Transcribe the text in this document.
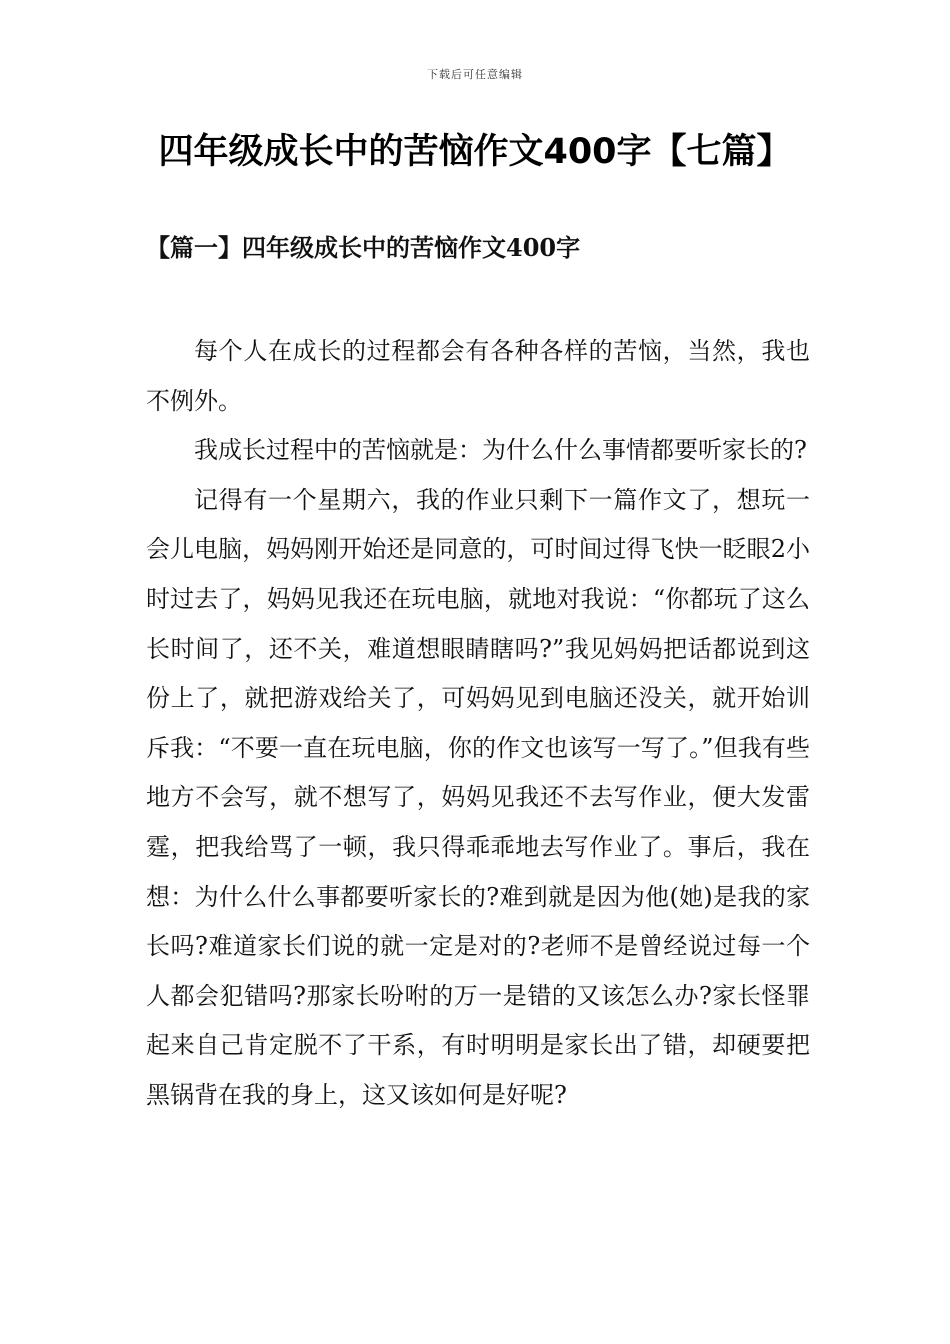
下载后可任意编辑
四年级成长中的苦恼作文400字【七篇】
【篇一】四年级成长中的苦恼作文400字

每个人在成长的过程都会有各种各样的苦恼，当然，我也不例外。

我成长过程中的苦恼就是：为什么什么事情都要听家长的?

记得有一个星期六，我的作业只剩下一篇作文了，想玩一会儿电脑，妈妈刚开始还是同意的，可时间过得飞快一眨眼2小时过去了，妈妈见我还在玩电脑，就地对我说：“你都玩了这么长时间了，还不关，难道想眼睛瞎吗?”我见妈妈把话都说到这份上了，就把游戏给关了，可妈妈见到电脑还没关，就开始训斥我：“不要一直在玩电脑，你的作文也该写一写了。”但我有些地方不会写，就不想写了，妈妈见我还不去写作业，便大发雷霆，把我给骂了一顿，我只得乖乖地去写作业了。事后，我在想：为什么什么事都要听家长的?难到就是因为他(她)是我的家长吗?难道家长们说的就一定是对的?老师不是曾经说过每一个人都会犯错吗?那家长吩咐的万一是错的又该怎么办?家长怪罪起来自己肯定脱不了干系，有时明明是家长出了错，却硬要把黑锅背在我的身上，这又该如何是好呢?
